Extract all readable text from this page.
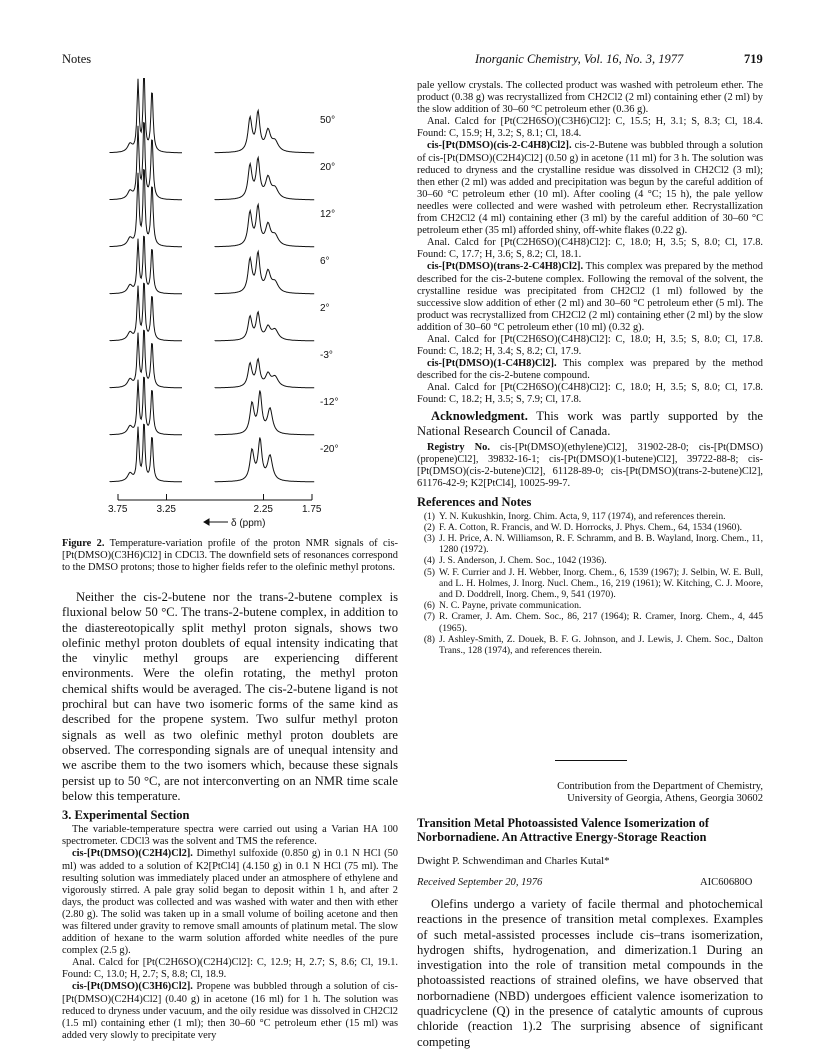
Notes	Inorganic Chemistry, Vol. 16, No. 3, 1977	719
50°
20°
12°
6°
2°
-3°
-12°
-20°
3.75	3.25	2.25	1.75
δ (ppm)
Figure 2. Temperature-variation profile of the proton NMR signals of cis-[Pt(DMSO)(C3H6)Cl2] in CDCl3. The downfield sets of resonances correspond to the DMSO protons; those to higher fields refer to the olefinic methyl protons.

Neither the cis-2-butene nor the trans-2-butene complex is fluxional below 50 °C. The trans-2-butene complex, in addition to the diastereotopically split methyl proton signals, shows two olefinic methyl proton doublets of equal intensity indicating that the vinylic methyl groups are experiencing different environments. Were the olefin rotating, the methyl proton chemical shifts would be averaged. The cis-2-butene ligand is not prochiral but can have two isomeric forms of the same kind as described for the propene system. Two sulfur methyl proton signals as well as two olefinic methyl proton doublets are observed. The corresponding signals are of unequal intensity and we ascribe them to the two isomers which, because these signals persist up to 50 °C, are not interconverting on an NMR time scale below this temperature.

3. Experimental Section

The variable-temperature spectra were carried out using a Varian HA 100 spectrometer. CDCl3 was the solvent and TMS the reference.

cis-[Pt(DMSO)(C2H4)Cl2]. Dimethyl sulfoxide (0.850 g) in 0.1 N HCl (50 ml) was added to a solution of K2[PtCl4] (4.150 g) in 0.1 N HCl (75 ml). The resulting solution was immediately placed under an atmosphere of ethylene and vigorously stirred. A pale gray solid began to deposit within 1 h, and after 2 days, the product was collected and was washed with water and then with ether (2.80 g). The solid was taken up in a small volume of boiling acetone and then was filtered under gravity to remove small amounts of platinum metal. The slow addition of hexane to the warm solution afforded white needles of the pure complex (2.5 g).

Anal. Calcd for [Pt(C2H6SO)(C2H4)Cl2]: C, 12.9; H, 2.7; S, 8.6; Cl, 19.1. Found: C, 13.0; H, 2.7; S, 8.8; Cl, 18.9.

cis-[Pt(DMSO)(C3H6)Cl2]. Propene was bubbled through a solution of cis-[Pt(DMSO)(C2H4)Cl2] (0.40 g) in acetone (16 ml) for 1 h. The solution was reduced to dryness under vacuum, and the oily residue was dissolved in CH2Cl2 (1.5 ml) containing ether (1 ml); then 30–60 °C petroleum ether (15 ml) was added very slowly to precipitate very

pale yellow crystals. The collected product was washed with petroleum ether. The product (0.38 g) was recrystallized from CH2Cl2 (2 ml) containing ether (2 ml) by the slow addition of 30–60 °C petroleum ether (0.36 g).

Anal. Calcd for [Pt(C2H6SO)(C3H6)Cl2]: C, 15.5; H, 3.1; S, 8.3; Cl, 18.4. Found: C, 15.9; H, 3.2; S, 8.1; Cl, 18.4.

cis-[Pt(DMSO)(cis-2-C4H8)Cl2]. cis-2-Butene was bubbled through a solution of cis-[Pt(DMSO)(C2H4)Cl2] (0.50 g) in acetone (11 ml) for 3 h. The solution was reduced to dryness and the crystalline residue was dissolved in CH2Cl2 (3 ml); then ether (2 ml) was added and precipitation was begun by the careful addition of 30–60 °C petroleum ether (10 ml). After cooling (4 °C; 15 h), the pale yellow needles were collected and were washed with petroleum ether. Recrystallization from CH2Cl2 (4 ml) containing ether (3 ml) by the careful addition of 30–60 °C petroleum ether (35 ml) afforded shiny, off-white flakes (0.22 g).

Anal. Calcd for [Pt(C2H6SO)(C4H8)Cl2]: C, 18.0; H, 3.5; S, 8.0; Cl, 17.8. Found: C, 17.7; H, 3.6; S, 8.2; Cl, 18.1.

cis-[Pt(DMSO)(trans-2-C4H8)Cl2]. This complex was prepared by the method described for the cis-2-butene complex. Following the removal of the solvent, the crystalline residue was precipitated from CH2Cl2 (1 ml) followed by the successive slow addition of ether (2 ml) and 30–60 °C petroleum ether (5 ml). The product was recrystallized from CH2Cl2 (2 ml) containing ether (2 ml) by the slow addition of 30–60 °C petroleum ether (10 ml) (0.32 g).

Anal. Calcd for [Pt(C2H6SO)(C4H8)Cl2]: C, 18.0; H, 3.5; S, 8.0; Cl, 17.8. Found: C, 18.2; H, 3.4; S, 8.2; Cl, 17.9.

cis-[Pt(DMSO)(1-C4H8)Cl2]. This complex was prepared by the method described for the cis-2-butene compound.

Anal. Calcd for [Pt(C2H6SO)(C4H8)Cl2]: C, 18.0; H, 3.5; S, 8.0; Cl, 17.8. Found: C, 18.2; H, 3.5; S, 7.9; Cl, 17.8.

Acknowledgment. This work was partly supported by the National Research Council of Canada.

Registry No. cis-[Pt(DMSO)(ethylene)Cl2], 31902-28-0; cis-[Pt(DMSO)(propene)Cl2], 39832-16-1; cis-[Pt(DMSO)(1-butene)Cl2], 39722-88-8; cis-[Pt(DMSO)(cis-2-butene)Cl2], 61128-89-0; cis-[Pt(DMSO)(trans-2-butene)Cl2], 61176-42-9; K2[PtCl4], 10025-99-7.

References and Notes
(1) Y. N. Kukushkin, Inorg. Chim. Acta, 9, 117 (1974), and references therein.
(2) F. A. Cotton, R. Francis, and W. D. Horrocks, J. Phys. Chem., 64, 1534 (1960).
(3) J. H. Price, A. N. Williamson, R. F. Schramm, and B. B. Wayland, Inorg. Chem., 11, 1280 (1972).
(4) J. S. Anderson, J. Chem. Soc., 1042 (1936).
(5) W. F. Currier and J. H. Webber, Inorg. Chem., 6, 1539 (1967); J. Selbin, W. E. Bull, and L. H. Holmes, J. Inorg. Nucl. Chem., 16, 219 (1961); W. Kitching, C. J. Moore, and D. Doddrell, Inorg. Chem., 9, 541 (1970).
(6) N. C. Payne, private communication.
(7) R. Cramer, J. Am. Chem. Soc., 86, 217 (1964); R. Cramer, Inorg. Chem., 4, 445 (1965).
(8) J. Ashley-Smith, Z. Douek, B. F. G. Johnson, and J. Lewis, J. Chem. Soc., Dalton Trans., 128 (1974), and references therein.
Contribution from the Department of Chemistry,
University of Georgia, Athens, Georgia 30602
Transition Metal Photoassisted Valence Isomerization of Norbornadiene. An Attractive Energy-Storage Reaction
Dwight P. Schwendiman and Charles Kutal*
Received September 20, 1976	AIC60680O

Olefins undergo a variety of facile thermal and photochemical reactions in the presence of transition metal complexes. Examples of such metal-assisted processes include cis–trans isomerization, hydrogen shifts, hydrogenation, and dimerization.1 During an investigation into the role of transition metal compounds in the photoassisted reactions of strained olefins, we have observed that norbornadiene (NBD) undergoes efficient valence isomerization to quadricyclene (Q) in the presence of catalytic amounts of cuprous chloride (reaction 1).2 The surprising absence of significant competing
